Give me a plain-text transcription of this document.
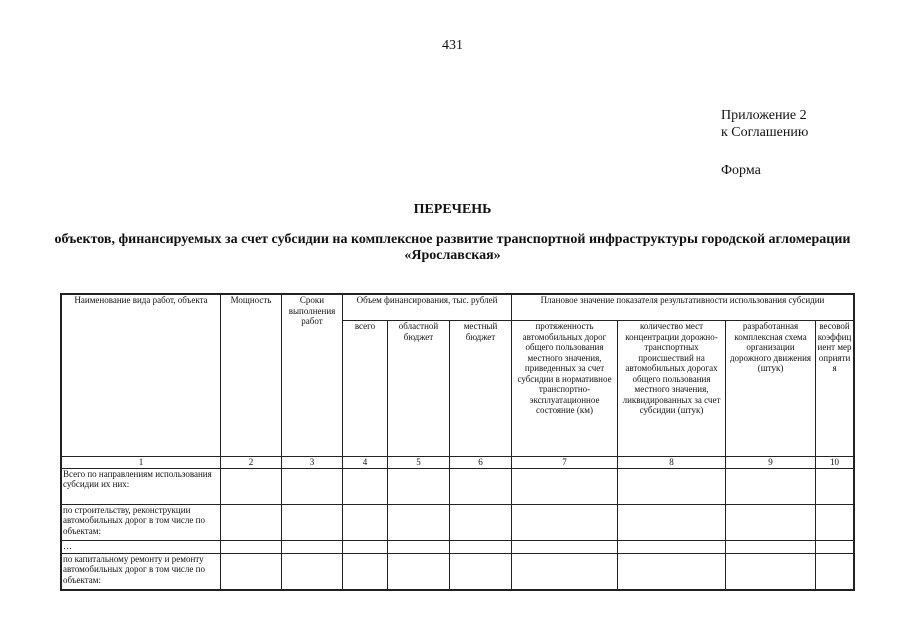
431
Приложение 2
к Соглашению
Форма
ПЕРЕЧЕНЬ
объектов, финансируемых за счет субсидии на комплексное развитие транспортной инфраструктуры городской агломерации «Ярославская»
Наименование вида работ, объекта	Мощность	Сроки выполнения работ	Объем финансирования, тыс. рублей			Плановое значение показателя результативности использования субсидии			
			всего	областной бюджет	местный бюджет	протяженность автомобильных дорог общего пользования местного значения, приведенных за счет субсидии в нормативное транспортно-эксплуатационное состояние (км)	количество мест концентрации дорожно-транспортных происшествий на автомобильных дорогах общего пользования местного значения, ликвидированных за счет субсидии (штук)	разработанная комплексная схема организации дорожного движения (штук)	весовой коэффициент мероприятия
1	2	3	4	5	6	7	8	9	10
Всего по направлениям использования субсидии их них:									
по строительству, реконструкции автомобильных дорог в том числе по объектам:									
…									
по капитальному ремонту и ремонту автомобильных дорог в том числе по объектам:									
